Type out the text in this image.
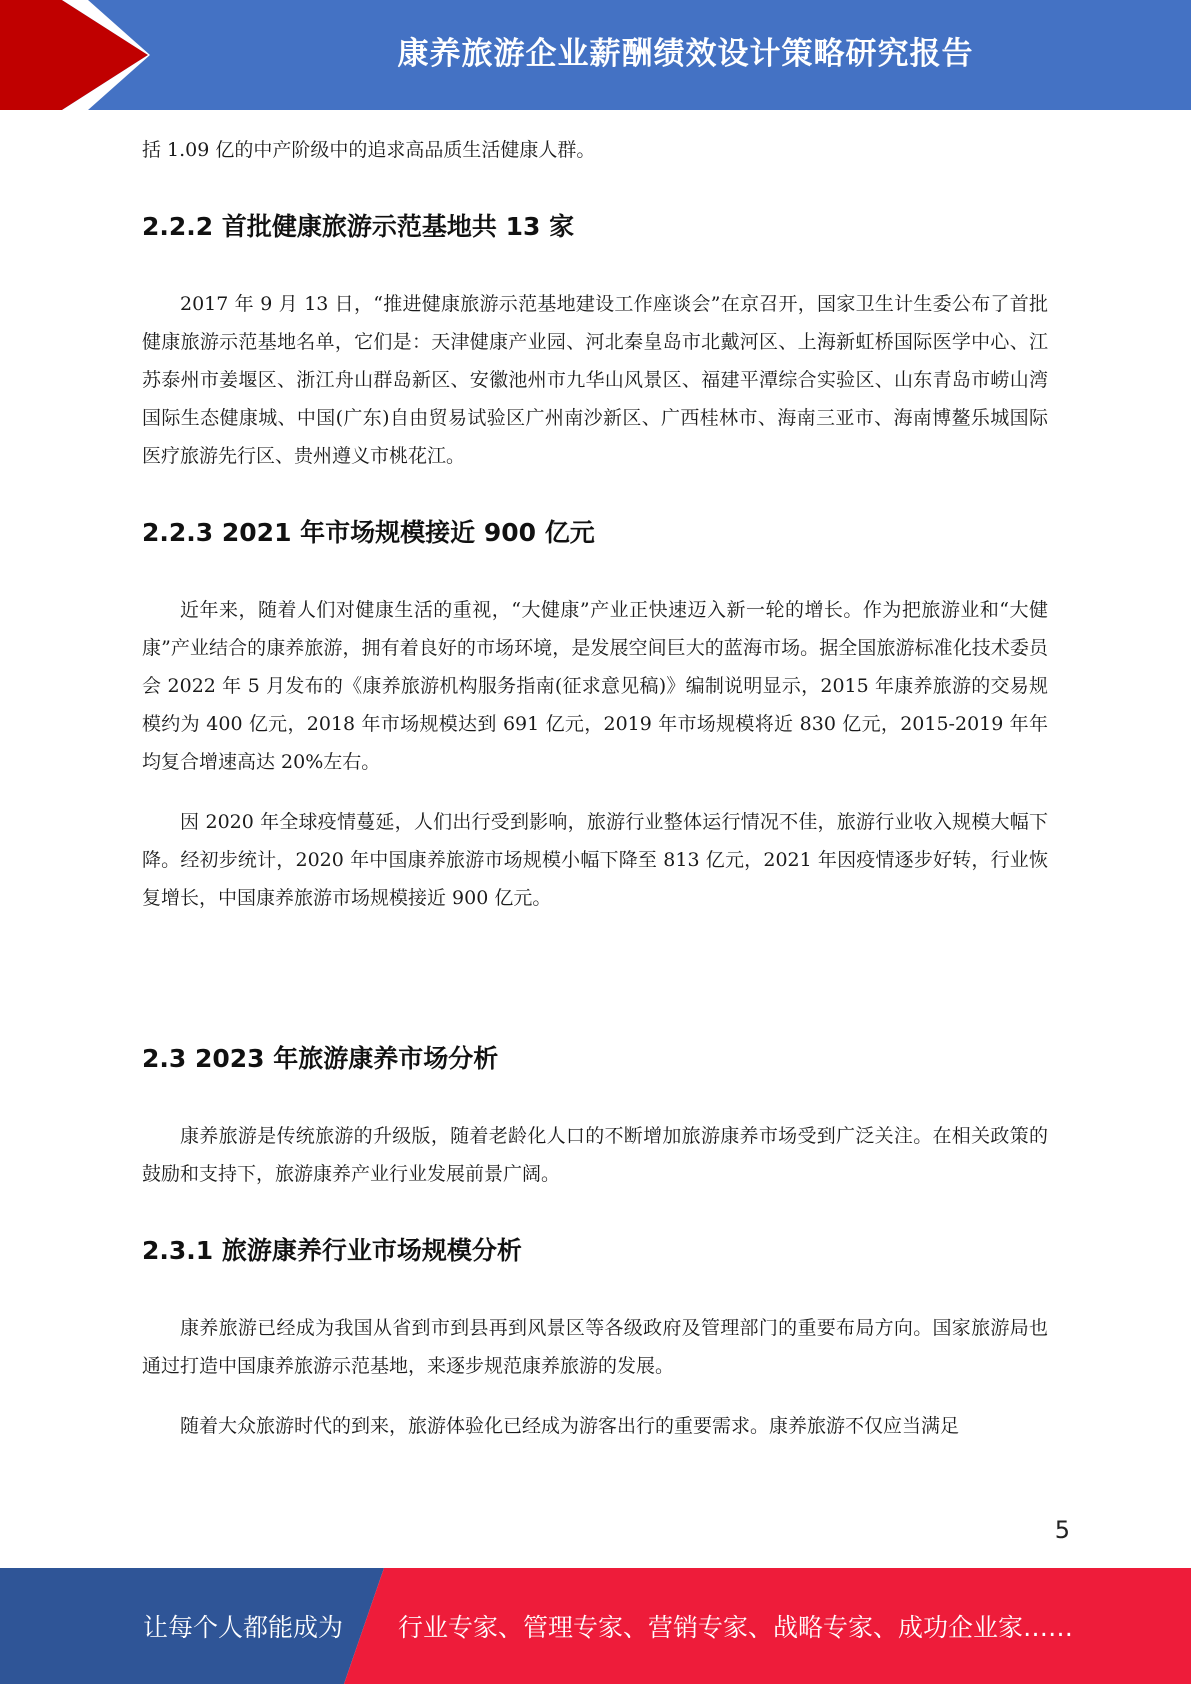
康养旅游企业薪酬绩效设计策略研究报告

括 1.09 亿的中产阶级中的追求高品质生活健康人群。

2.2.2 首批健康旅游示范基地共 13 家

2017 年 9 月 13 日，“推进健康旅游示范基地建设工作座谈会”在京召开，国家卫生计生委公布了首批健康旅游示范基地名单，它们是：天津健康产业园、河北秦皇岛市北戴河区、上海新虹桥国际医学中心、江苏泰州市姜堰区、浙江舟山群岛新区、安徽池州市九华山风景区、福建平潭综合实验区、山东青岛市崂山湾国际生态健康城、中国(广东)自由贸易试验区广州南沙新区、广西桂林市、海南三亚市、海南博鳌乐城国际医疗旅游先行区、贵州遵义市桃花江。

2.2.3 2021 年市场规模接近 900 亿元

近年来，随着人们对健康生活的重视，“大健康”产业正快速迈入新一轮的增长。作为把旅游业和“大健康”产业结合的康养旅游，拥有着良好的市场环境，是发展空间巨大的蓝海市场。据全国旅游标准化技术委员会 2022 年 5 月发布的《康养旅游机构服务指南(征求意见稿)》编制说明显示，2015 年康养旅游的交易规模约为 400 亿元，2018 年市场规模达到 691 亿元，2019 年市场规模将近 830 亿元，2015-2019 年年均复合增速高达 20%左右。

因 2020 年全球疫情蔓延，人们出行受到影响，旅游行业整体运行情况不佳，旅游行业收入规模大幅下降。经初步统计，2020 年中国康养旅游市场规模小幅下降至 813 亿元，2021 年因疫情逐步好转，行业恢复增长，中国康养旅游市场规模接近 900 亿元。

2.3 2023 年旅游康养市场分析

康养旅游是传统旅游的升级版，随着老龄化人口的不断增加旅游康养市场受到广泛关注。在相关政策的鼓励和支持下，旅游康养产业行业发展前景广阔。

2.3.1 旅游康养行业市场规模分析

康养旅游已经成为我国从省到市到县再到风景区等各级政府及管理部门的重要布局方向。国家旅游局也通过打造中国康养旅游示范基地，来逐步规范康养旅游的发展。

随着大众旅游时代的到来，旅游体验化已经成为游客出行的重要需求。康养旅游不仅应当满足

5
让每个人都能成为 行业专家、管理专家、营销专家、战略专家、成功企业家……
